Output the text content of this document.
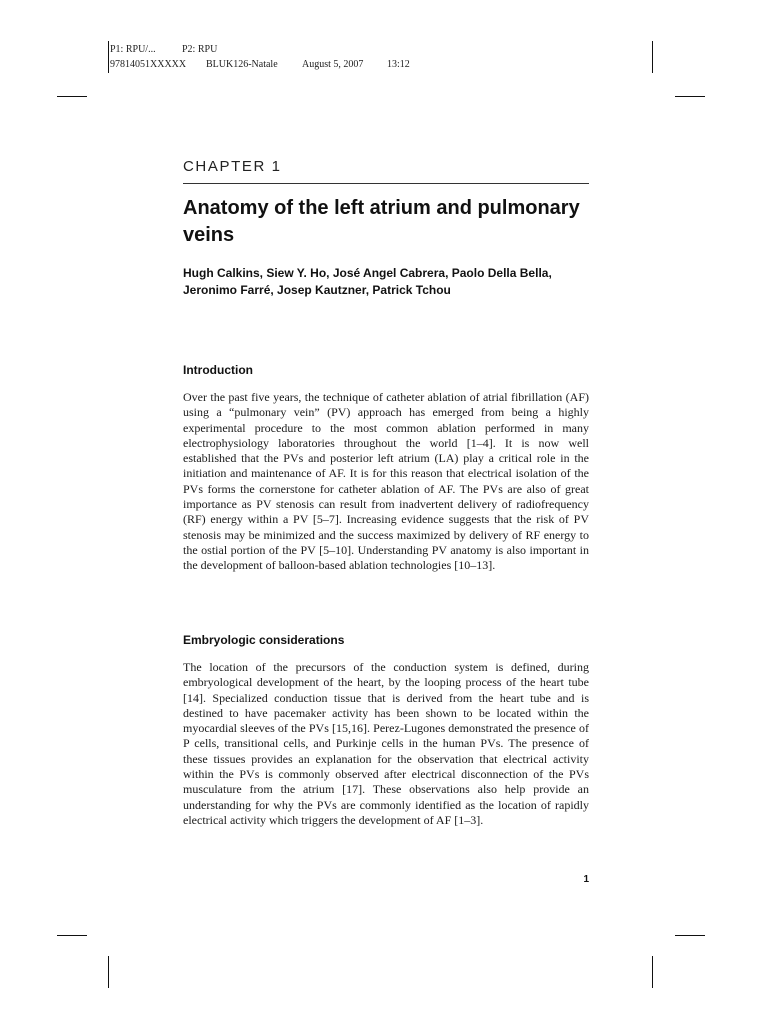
P1: RPU/...	P2: RPU
97814051XXXXX BLUK126-Natale August 5, 2007 13:12
CHAPTER 1
Anatomy of the left atrium and pulmonary veins

Hugh Calkins, Siew Y. Ho, José Angel Cabrera, Paolo Della Bella, Jeronimo Farré, Josep Kautzner, Patrick Tchou

Introduction

Over the past five years, the technique of catheter ablation of atrial fibrillation (AF) using a “pulmonary vein” (PV) approach has emerged from being a highly experimental procedure to the most common ablation performed in many electrophysiology laboratories throughout the world [1–4]. It is now well established that the PVs and posterior left atrium (LA) play a critical role in the initiation and maintenance of AF. It is for this reason that electrical isolation of the PVs forms the cornerstone for catheter ablation of AF. The PVs are also of great importance as PV stenosis can result from inadvertent delivery of radiofrequency (RF) energy within a PV [5–7]. Increasing evidence suggests that the risk of PV stenosis may be minimized and the success maximized by delivery of RF energy to the ostial portion of the PV [5–10]. Understanding PV anatomy is also important in the development of balloon-based ablation technologies [10–13].

Embryologic considerations

The location of the precursors of the conduction system is defined, during embryological development of the heart, by the looping process of the heart tube [14]. Specialized conduction tissue that is derived from the heart tube and is destined to have pacemaker activity has been shown to be located within the myocardial sleeves of the PVs [15,16]. Perez-Lugones demonstrated the presence of P cells, transitional cells, and Purkinje cells in the human PVs. The presence of these tissues provides an explanation for the observation that electrical activity within the PVs is commonly observed after electrical disconnection of the PVs musculature from the atrium [17]. These observations also help provide an understanding for why the PVs are commonly identified as the location of rapidly electrical activity which triggers the development of AF [1–3].

1
